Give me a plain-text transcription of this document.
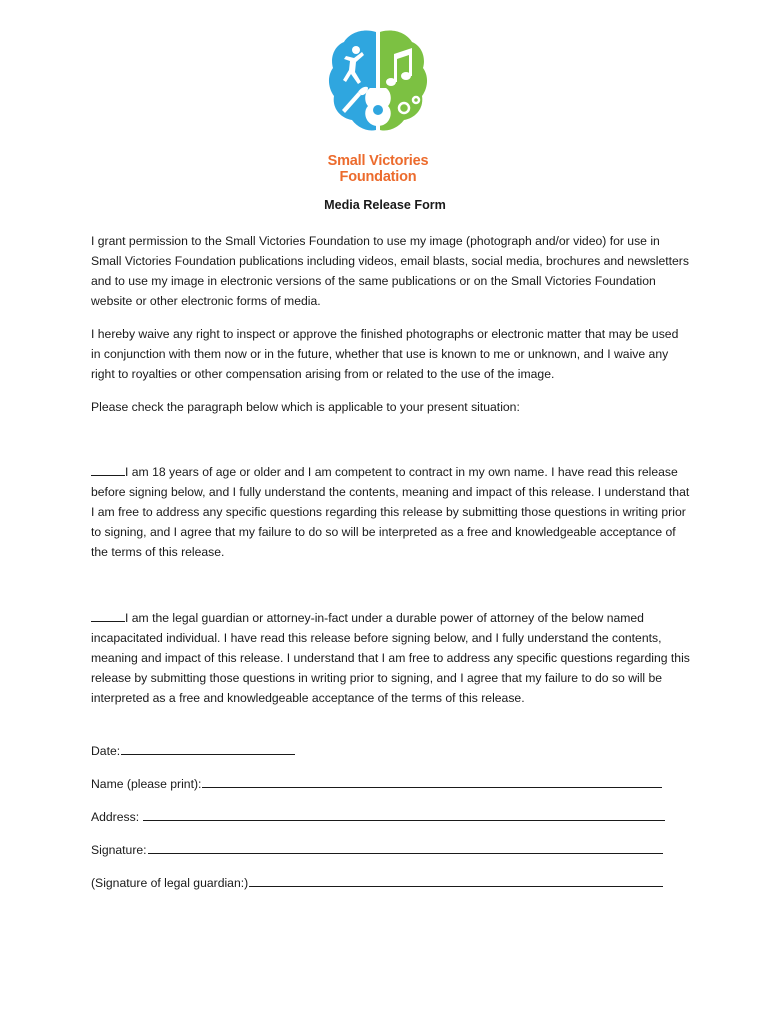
Small Victories
Foundation
Media Release Form

I grant permission to the Small Victories Foundation to use my image (photograph and/or video) for use in Small Victories Foundation publications including videos, email blasts, social media, brochures and newsletters and to use my image in electronic versions of the same publications or on the Small Victories Foundation website or other electronic forms of media.

I hereby waive any right to inspect or approve the finished photographs or electronic matter that may be used in conjunction with them now or in the future, whether that use is known to me or unknown, and I waive any right to royalties or other compensation arising from or related to the use of the image.

Please check the paragraph below which is applicable to your present situation:

I am 18 years of age or older and I am competent to contract in my own name. I have read this release before signing below, and I fully understand the contents, meaning and impact of this release. I understand that I am free to address any specific questions regarding this release by submitting those questions in writing prior to signing, and I agree that my failure to do so will be interpreted as a free and knowledgeable acceptance of the terms of this release.

I am the legal guardian or attorney-in-fact under a durable power of attorney of the below named incapacitated individual. I have read this release before signing below, and I fully understand the contents, meaning and impact of this release. I understand that I am free to address any specific questions regarding this release by submitting those questions in writing prior to signing, and I agree that my failure to do so will be interpreted as a free and knowledgeable acceptance of the terms of this release.

Date:
Name (please print):
Address:
Signature:
(Signature of legal guardian:)
